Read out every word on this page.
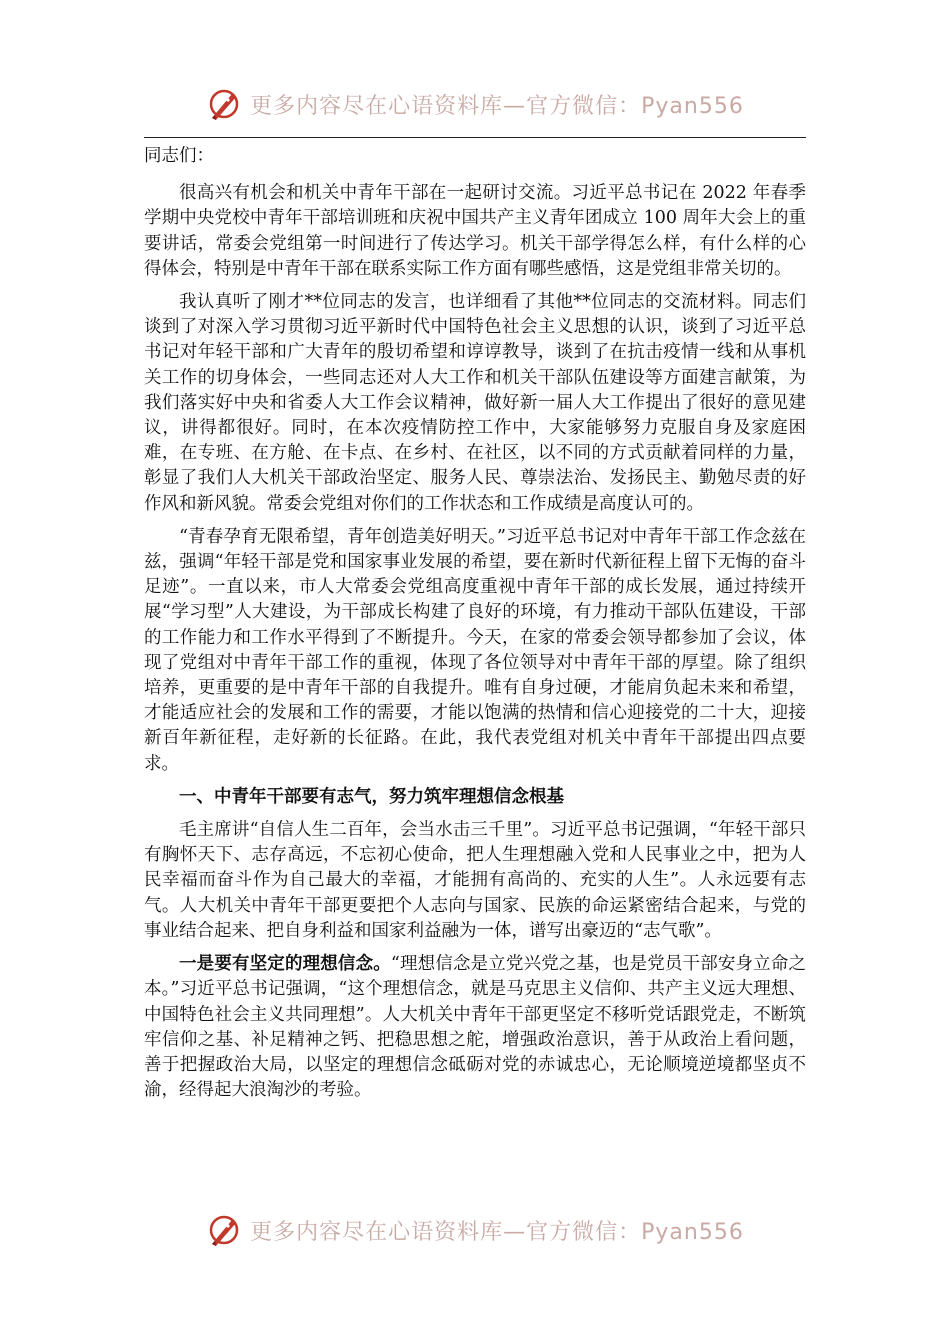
更多内容尽在心语资料库—官方微信：Pyan556

同志们：

很高兴有机会和机关中青年干部在一起研讨交流。习近平总书记在 2022 年春季学期中央党校中青年干部培训班和庆祝中国共产主义青年团成立 100 周年大会上的重要讲话，常委会党组第一时间进行了传达学习。机关干部学得怎么样，有什么样的心得体会，特别是中青年干部在联系实际工作方面有哪些感悟，这是党组非常关切的。

我认真听了刚才**位同志的发言，也详细看了其他**位同志的交流材料。同志们谈到了对深入学习贯彻习近平新时代中国特色社会主义思想的认识，谈到了习近平总书记对年轻干部和广大青年的殷切希望和谆谆教导，谈到了在抗击疫情一线和从事机关工作的切身体会，一些同志还对人大工作和机关干部队伍建设等方面建言献策，为我们落实好中央和省委人大工作会议精神，做好新一届人大工作提出了很好的意见建议，讲得都很好。同时，在本次疫情防控工作中，大家能够努力克服自身及家庭困难，在专班、在方舱、在卡点、在乡村、在社区，以不同的方式贡献着同样的力量，彰显了我们人大机关干部政治坚定、服务人民、尊崇法治、发扬民主、勤勉尽责的好作风和新风貌。常委会党组对你们的工作状态和工作成绩是高度认可的。

“青春孕育无限希望，青年创造美好明天。”习近平总书记对中青年干部工作念兹在兹，强调“年轻干部是党和国家事业发展的希望，要在新时代新征程上留下无悔的奋斗足迹”。一直以来，市人大常委会党组高度重视中青年干部的成长发展，通过持续开展“学习型”人大建设，为干部成长构建了良好的环境，有力推动干部队伍建设，干部的工作能力和工作水平得到了不断提升。今天，在家的常委会领导都参加了会议，体现了党组对中青年干部工作的重视，体现了各位领导对中青年干部的厚望。除了组织培养，更重要的是中青年干部的自我提升。唯有自身过硬，才能肩负起未来和希望，才能适应社会的发展和工作的需要，才能以饱满的热情和信心迎接党的二十大，迎接新百年新征程，走好新的长征路。在此，我代表党组对机关中青年干部提出四点要求。

一、中青年干部要有志气，努力筑牢理想信念根基

毛主席讲“自信人生二百年，会当水击三千里”。习近平总书记强调，“年轻干部只有胸怀天下、志存高远，不忘初心使命，把人生理想融入党和人民事业之中，把为人民幸福而奋斗作为自己最大的幸福，才能拥有高尚的、充实的人生”。人永远要有志气。人大机关中青年干部更要把个人志向与国家、民族的命运紧密结合起来，与党的事业结合起来、把自身利益和国家利益融为一体，谱写出豪迈的“志气歌”。

一是要有坚定的理想信念。“理想信念是立党兴党之基，也是党员干部安身立命之本。”习近平总书记强调，“这个理想信念，就是马克思主义信仰、共产主义远大理想、中国特色社会主义共同理想”。人大机关中青年干部更坚定不移听党话跟党走，不断筑牢信仰之基、补足精神之钙、把稳思想之舵，增强政治意识，善于从政治上看问题，善于把握政治大局，以坚定的理想信念砥砺对党的赤诚忠心，无论顺境逆境都坚贞不渝，经得起大浪淘沙的考验。

更多内容尽在心语资料库—官方微信：Pyan556
